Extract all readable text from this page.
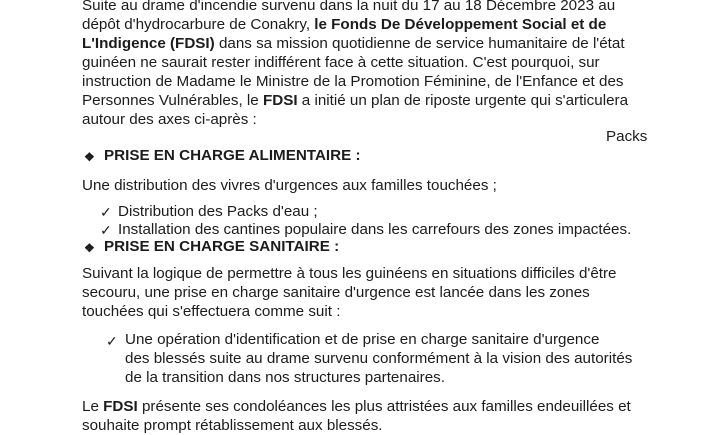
Suite au drame d'incendie survenu dans la nuit du 17 au 18 Décembre 2023 au
dépôt d'hydrocarbure de Conakry, le Fonds De Développement Social et de
L'Indigence (FDSI) dans sa mission quotidienne de service humanitaire de l'état
guinéen ne saurait rester indifférent face à cette situation. C'est pourquoi, sur
instruction de Madame le Ministre de la Promotion Féminine, de l'Enfance et des
Personnes Vulnérables, le FDSI a initié un plan de riposte urgente qui s'articulera
autour des axes ci-après :
Packs
❖ PRISE EN CHARGE ALIMENTAIRE :
Une distribution des vivres d'urgences aux familles touchées ;
✓ Distribution des Packs d'eau ;
✓ Installation des cantines populaire dans les carrefours des zones impactées.
❖ PRISE EN CHARGE SANITAIRE :
Suivant la logique de permettre à tous les guinéens en situations difficiles d'être
secouru, une prise en charge sanitaire d'urgence est lancée dans les zones
touchées qui s'effectuera comme suit :
✓ Une opération d'identification et de prise en charge sanitaire d'urgence
des blessés suite au drame survenu conformément à la vision des autorités
de la transition dans nos structures partenaires.
Le FDSI présente ses condoléances les plus attristées aux familles endeuillées et
souhaite prompt rétablissement aux blessés.
